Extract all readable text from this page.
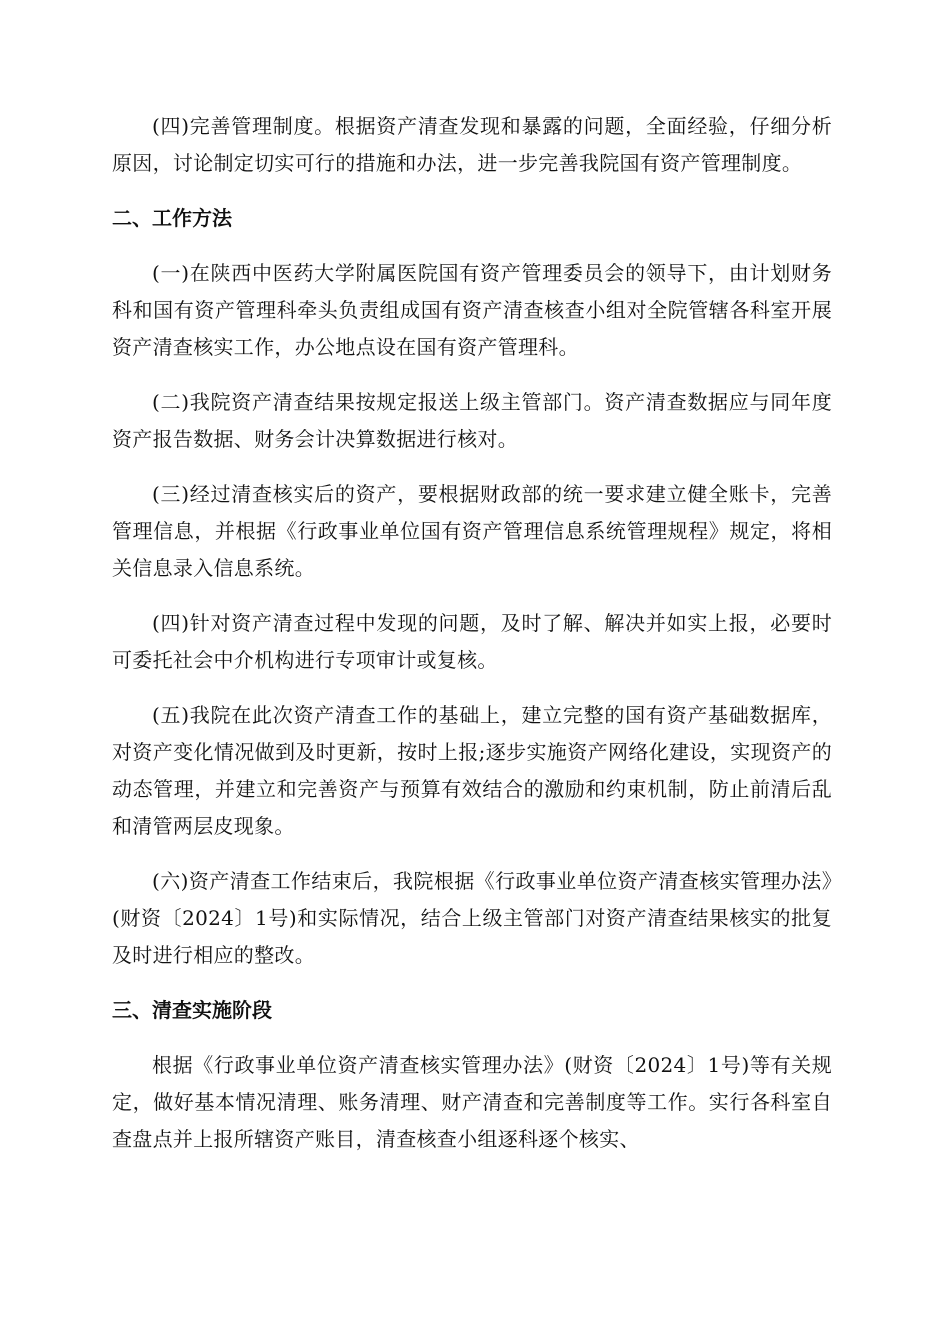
(四)完善管理制度。根据资产清查发现和暴露的问题，全面经验，仔细分析原因，讨论制定切实可行的措施和办法，进一步完善我院国有资产管理制度。

二、工作方法

(一)在陕西中医药大学附属医院国有资产管理委员会的领导下，由计划财务科和国有资产管理科牵头负责组成国有资产清查核查小组对全院管辖各科室开展资产清查核实工作，办公地点设在国有资产管理科。

(二)我院资产清查结果按规定报送上级主管部门。资产清查数据应与同年度资产报告数据、财务会计决算数据进行核对。

(三)经过清查核实后的资产，要根据财政部的统一要求建立健全账卡，完善管理信息，并根据《行政事业单位国有资产管理信息系统管理规程》规定，将相关信息录入信息系统。

(四)针对资产清查过程中发现的问题，及时了解、解决并如实上报，必要时可委托社会中介机构进行专项审计或复核。

(五)我院在此次资产清查工作的基础上，建立完整的国有资产基础数据库，对资产变化情况做到及时更新，按时上报;逐步实施资产网络化建设，实现资产的动态管理，并建立和完善资产与预算有效结合的激励和约束机制，防止前清后乱和清管两层皮现象。

(六)资产清查工作结束后，我院根据《行政事业单位资产清查核实管理办法》(财资〔2024〕1号)和实际情况，结合上级主管部门对资产清查结果核实的批复及时进行相应的整改。

三、清查实施阶段

根据《行政事业单位资产清查核实管理办法》(财资〔2024〕1号)等有关规定，做好基本情况清理、账务清理、财产清查和完善制度等工作。实行各科室自查盘点并上报所辖资产账目，清查核查小组逐科逐个核实、
